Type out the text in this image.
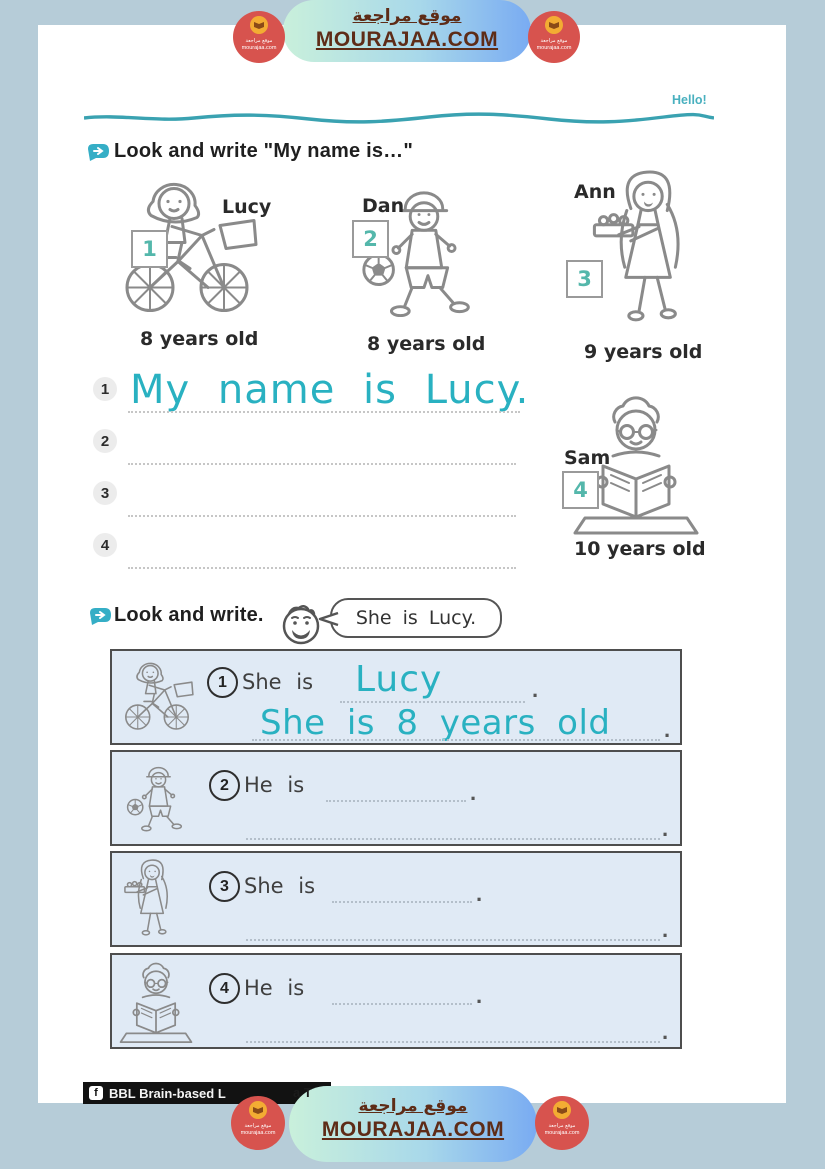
موقع مراجعة
MOURAJAA.COM
موقع مراجعة
mourajaa.com
موقع مراجعة
mourajaa.com
Hello!
Look and write "My name is…"
Lucy
1
8 years old
Dan
2
8 years old
Ann
3
9 years old
Sam
4
10 years old
1 My name is Lucy.
2
3
4
Look and write.	She is Lucy.
1 She is Lucy	.
She is 8 years old .
2 He is	.
.
3 She is	.
.
4 He is	.
.
f BBL Brain-based L	a T
موقع مراجعة
MOURAJAA.COM
موقع مراجعة
mourajaa.com
موقع مراجعة
mourajaa.com
